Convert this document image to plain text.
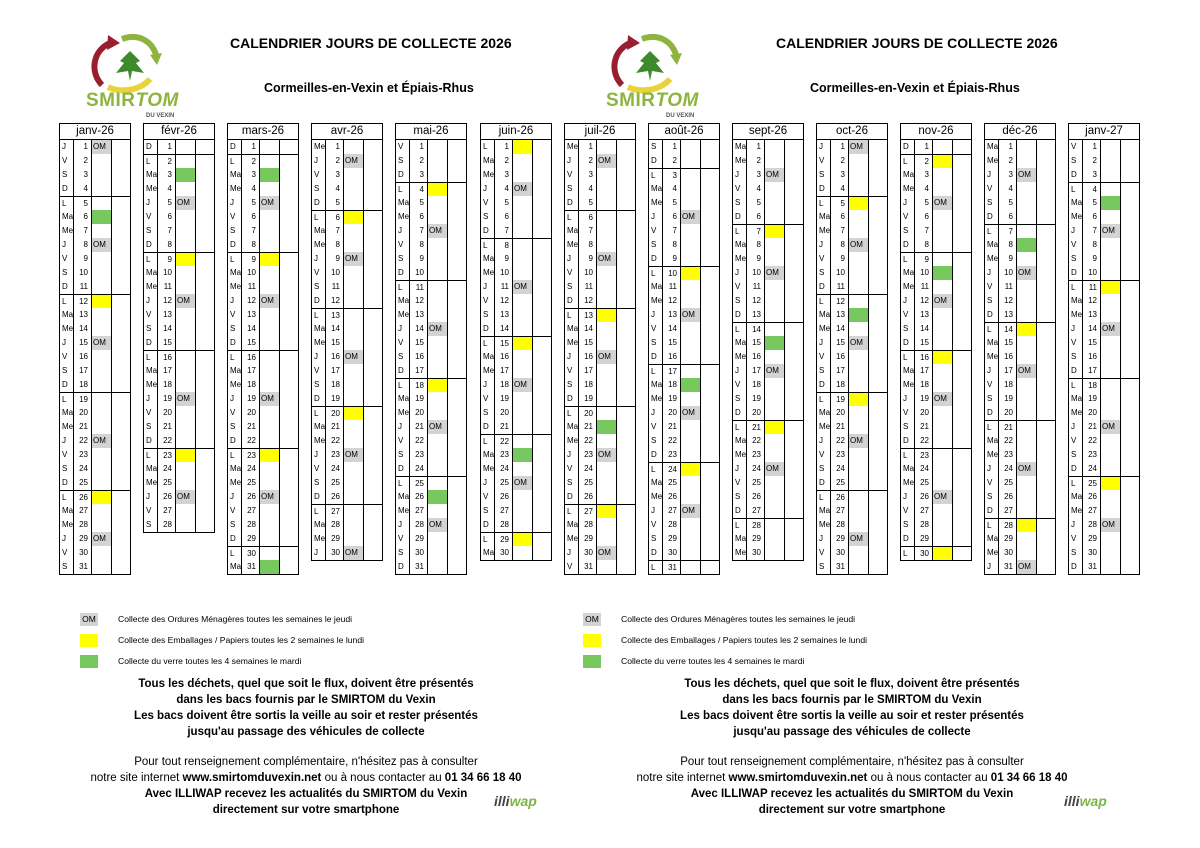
SMIRTOM
DU VEXIN
CALENDRIER JOURS DE COLLECTE 2026
Cormeilles-en-Vexin et Épiais-Rhus
SMIRTOM
DU VEXIN
CALENDRIER JOURS DE COLLECTE 2026
Cormeilles-en-Vexin et Épiais-Rhus
janv-26
J	1 OM
V	2
S	3
D	4
L	5
Ma	6
Me	7
J	8 OM
V	9
S	10
D	11
L	12
Ma 13
Me 14
J	15 OM
V	16
S	17
D	18
L	19
Ma 20
Me 21
J	22 OM
V	23
S	24
D	25
L	26
Ma 27
Me 28
J	29 OM
V	30
S	31
févr-26
D	1
L	2
Ma	3
Me	4
J	5 OM
V	6
S	7
D	8
L	9
Ma 10
Me 11
J	12 OM
V	13
S	14
D	15
L	16
Ma 17
Me 18
J	19 OM
V	20
S	21
D	22
L	23
Ma 24
Me 25
J	26 OM
V	27
S	28
mars-26
D	1
L	2
Ma	3
Me	4
J	5 OM
V	6
S	7
D	8
L	9
Ma 10
Me 11
J	12 OM
V	13
S	14
D	15
L	16
Ma 17
Me 18
J	19 OM
V	20
S	21
D	22
L	23
Ma 24
Me 25
J	26 OM
V	27
S	28
D	29
L	30
Ma 31
avr-26
Me	1
J	2 OM
V	3
S	4
D	5
L	6
Ma	7
Me	8
J	9 OM
V	10
S	11
D	12
L	13
Ma 14
Me 15
J	16 OM
V	17
S	18
D	19
L	20
Ma 21
Me 22
J	23 OM
V	24
S	25
D	26
L	27
Ma 28
Me 29
J	30 OM
mai-26
V	1
S	2
D	3
L	4
Ma	5
Me	6
J	7 OM
V	8
S	9
D	10
L	11
Ma 12
Me 13
J	14 OM
V	15
S	16
D	17
L	18
Ma 19
Me 20
J	21 OM
V	22
S	23
D	24
L	25
Ma 26
Me 27
J	28 OM
V	29
S	30
D	31
juin-26
L	1
Ma	2
Me	3
J	4 OM
V	5
S	6
D	7
L	8
Ma	9
Me 10
J	11 OM
V	12
S	13
D	14
L	15
Ma 16
Me 17
J	18 OM
V	19
S	20
D	21
L	22
Ma 23
Me 24
J	25 OM
V	26
S	27
D	28
L	29
Ma 30
juil-26
Me	1
J	2 OM
V	3
S	4
D	5
L	6
Ma	7
Me	8
J	9 OM
V	10
S	11
D	12
L	13
Ma 14
Me 15
J	16 OM
V	17
S	18
D	19
L	20
Ma 21
Me 22
J	23 OM
V	24
S	25
D	26
L	27
Ma 28
Me 29
J	30 OM
V	31
août-26
S	1
D	2
L	3
Ma	4
Me	5
J	6 OM
V	7
S	8
D	9
L	10
Ma 11
Me 12
J	13 OM
V	14
S	15
D	16
L	17
Ma 18
Me 19
J	20 OM
V	21
S	22
D	23
L	24
Ma 25
Me 26
J	27 OM
V	28
S	29
D	30
L	31
sept-26
Ma	1
Me	2
J	3 OM
V	4
S	5
D	6
L	7
Ma	8
Me	9
J	10 OM
V	11
S	12
D	13
L	14
Ma 15
Me 16
J	17 OM
V	18
S	19
D	20
L	21
Ma 22
Me 23
J	24 OM
V	25
S	26
D	27
L	28
Ma 29
Me 30
oct-26
J	1 OM
V	2
S	3
D	4
L	5
Ma	6
Me	7
J	8 OM
V	9
S	10
D	11
L	12
Ma 13
Me 14
J	15 OM
V	16
S	17
D	18
L	19
Ma 20
Me 21
J	22 OM
V	23
S	24
D	25
L	26
Ma 27
Me 28
J	29 OM
V	30
S	31
nov-26
D	1
L	2
Ma	3
Me	4
J	5 OM
V	6
S	7
D	8
L	9
Ma 10
Me 11
J	12 OM
V	13
S	14
D	15
L	16
Ma 17
Me 18
J	19 OM
V	20
S	21
D	22
L	23
Ma 24
Me 25
J	26 OM
V	27
S	28
D	29
L	30
déc-26
Ma	1
Me	2
J	3 OM
V	4
S	5
D	6
L	7
Ma	8
Me	9
J	10 OM
V	11
S	12
D	13
L	14
Ma 15
Me 16
J	17 OM
V	18
S	19
D	20
L	21
Ma 22
Me 23
J	24 OM
V	25
S	26
D	27
L	28
Ma 29
Me 30
J	31 OM
janv-27
V	1
S	2
D	3
L	4
Ma	5
Me	6
J	7 OM
V	8
S	9
D	10
L	11
Ma 12
Me 13
J	14 OM
V	15
S	16
D	17
L	18
Ma 19
Me 20
J	21 OM
V	22
S	23
D	24
L	25
Ma 26
Me 27
J	28 OM
V	29
S	30
D	31
OM	Collecte des Ordures Ménagères toutes les semaines le jeudi
Collecte des Emballages / Papiers toutes les 2 semaines le lundi
Collecte du verre toutes les 4 semaines le mardi
OM	Collecte des Ordures Ménagères toutes les semaines le jeudi
Collecte des Emballages / Papiers toutes les 2 semaines le lundi
Collecte du verre toutes les 4 semaines le mardi
Tous les déchets, quel que soit le flux, doivent être présentés
dans les bacs fournis par le SMIRTOM du Vexin
Les bacs doivent être sortis la veille au soir et rester présentés
jusqu'au passage des véhicules de collecte
Pour tout renseignement complémentaire, n'hésitez pas à consulter
notre site internet www.smirtomduvexin.net ou à nous contacter au 01 34 66 18 40
Avec ILLIWAP recevez les actualités du SMIRTOM du Vexin
directement sur votre smartphone
illiwap
Tous les déchets, quel que soit le flux, doivent être présentés
dans les bacs fournis par le SMIRTOM du Vexin
Les bacs doivent être sortis la veille au soir et rester présentés
jusqu'au passage des véhicules de collecte
Pour tout renseignement complémentaire, n'hésitez pas à consulter
notre site internet www.smirtomduvexin.net ou à nous contacter au 01 34 66 18 40
Avec ILLIWAP recevez les actualités du SMIRTOM du Vexin
directement sur votre smartphone
illiwap
